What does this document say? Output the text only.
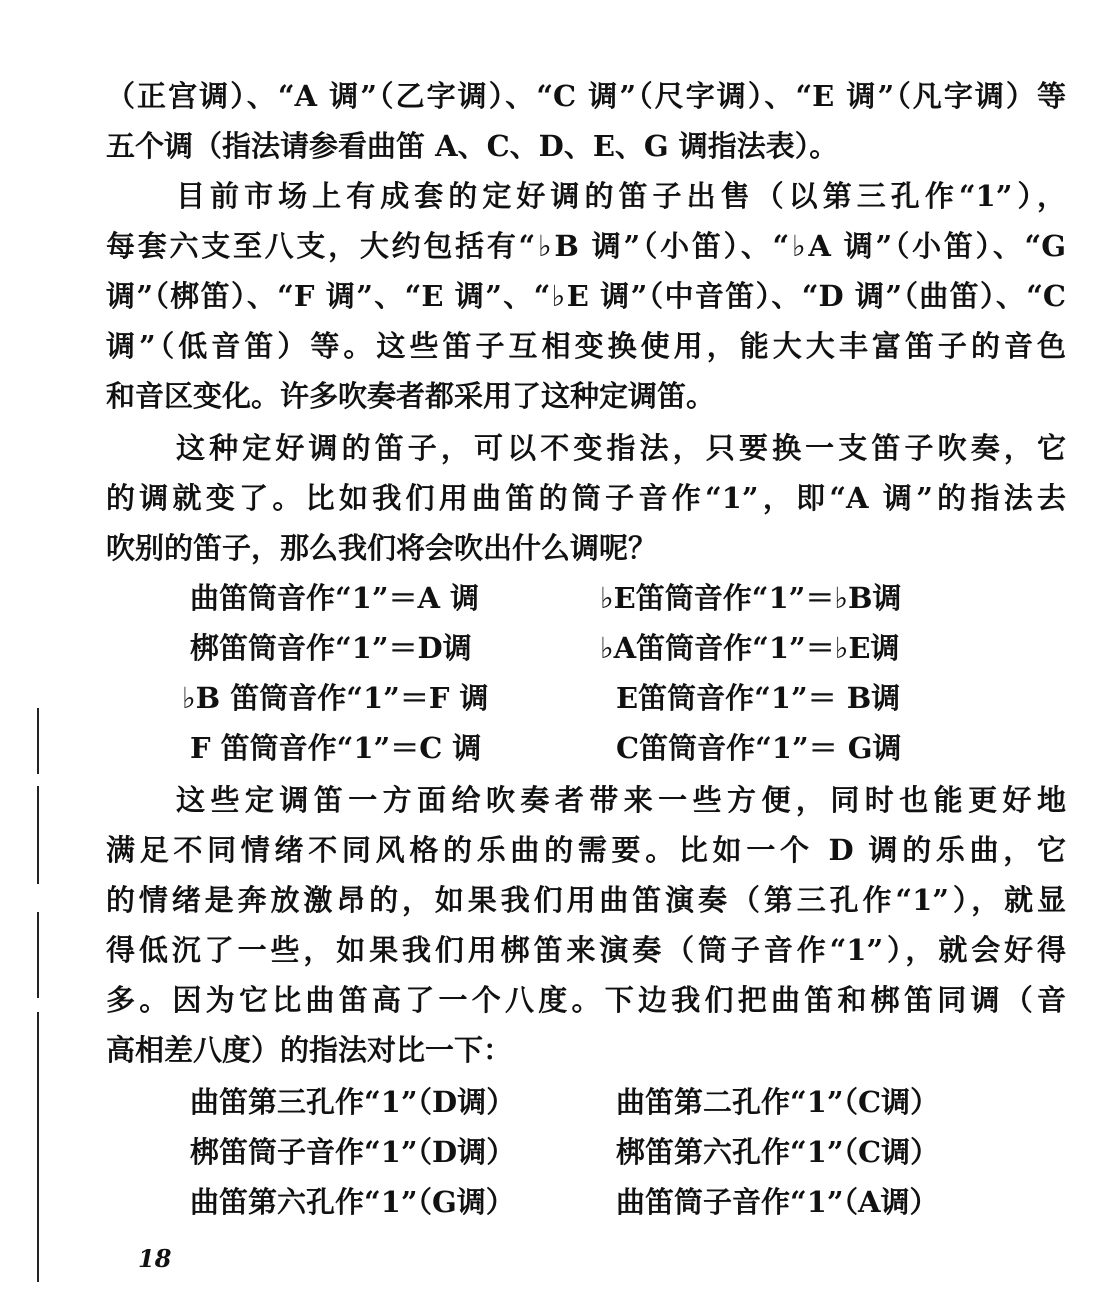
（正宫调）、“A 调”（乙字调）、“C 调”（尺字调）、“E 调”（凡字调）等
五个调（指法请参看曲笛 A、C、D、E、G 调指法表）。
目前市场上有成套的定好调的笛子出售（以第三孔作“1”），
每套六支至八支，大约包括有“♭B 调”（小笛）、“♭A 调”（小笛）、“G
调”（梆笛）、“F 调”、“E 调”、“♭E 调”（中音笛）、“D 调”（曲笛）、“C
调”（低音笛）等。这些笛子互相变换使用，能大大丰富笛子的音色
和音区变化。许多吹奏者都采用了这种定调笛。
这种定好调的笛子，可以不变指法，只要换一支笛子吹奏，它
的调就变了。比如我们用曲笛的筒子音作“1”，即“A 调”的指法去
吹别的笛子，那么我们将会吹出什么调呢？
曲笛筒音作“1”＝A 调	♭E笛筒音作“1”＝♭B调
梆笛筒音作“1”＝D调	♭A笛筒音作“1”＝♭E调
♭B 笛筒音作“1”＝F 调	E笛筒音作“1”＝ B调
F 笛筒音作“1”＝C 调	C笛筒音作“1”＝ G调
这些定调笛一方面给吹奏者带来一些方便，同时也能更好地
满足不同情绪不同风格的乐曲的需要。比如一个 D 调的乐曲，它
的情绪是奔放激昂的，如果我们用曲笛演奏（第三孔作“1”），就显
得低沉了一些，如果我们用梆笛来演奏（筒子音作“1”），就会好得
多。因为它比曲笛高了一个八度。下边我们把曲笛和梆笛同调（音
高相差八度）的指法对比一下：
曲笛第三孔作“1”（D调）	曲笛第二孔作“1”（C调）
梆笛筒子音作“1”（D调）	梆笛第六孔作“1”（C调）
曲笛第六孔作“1”（G调）	曲笛筒子音作“1”（A调）
18
